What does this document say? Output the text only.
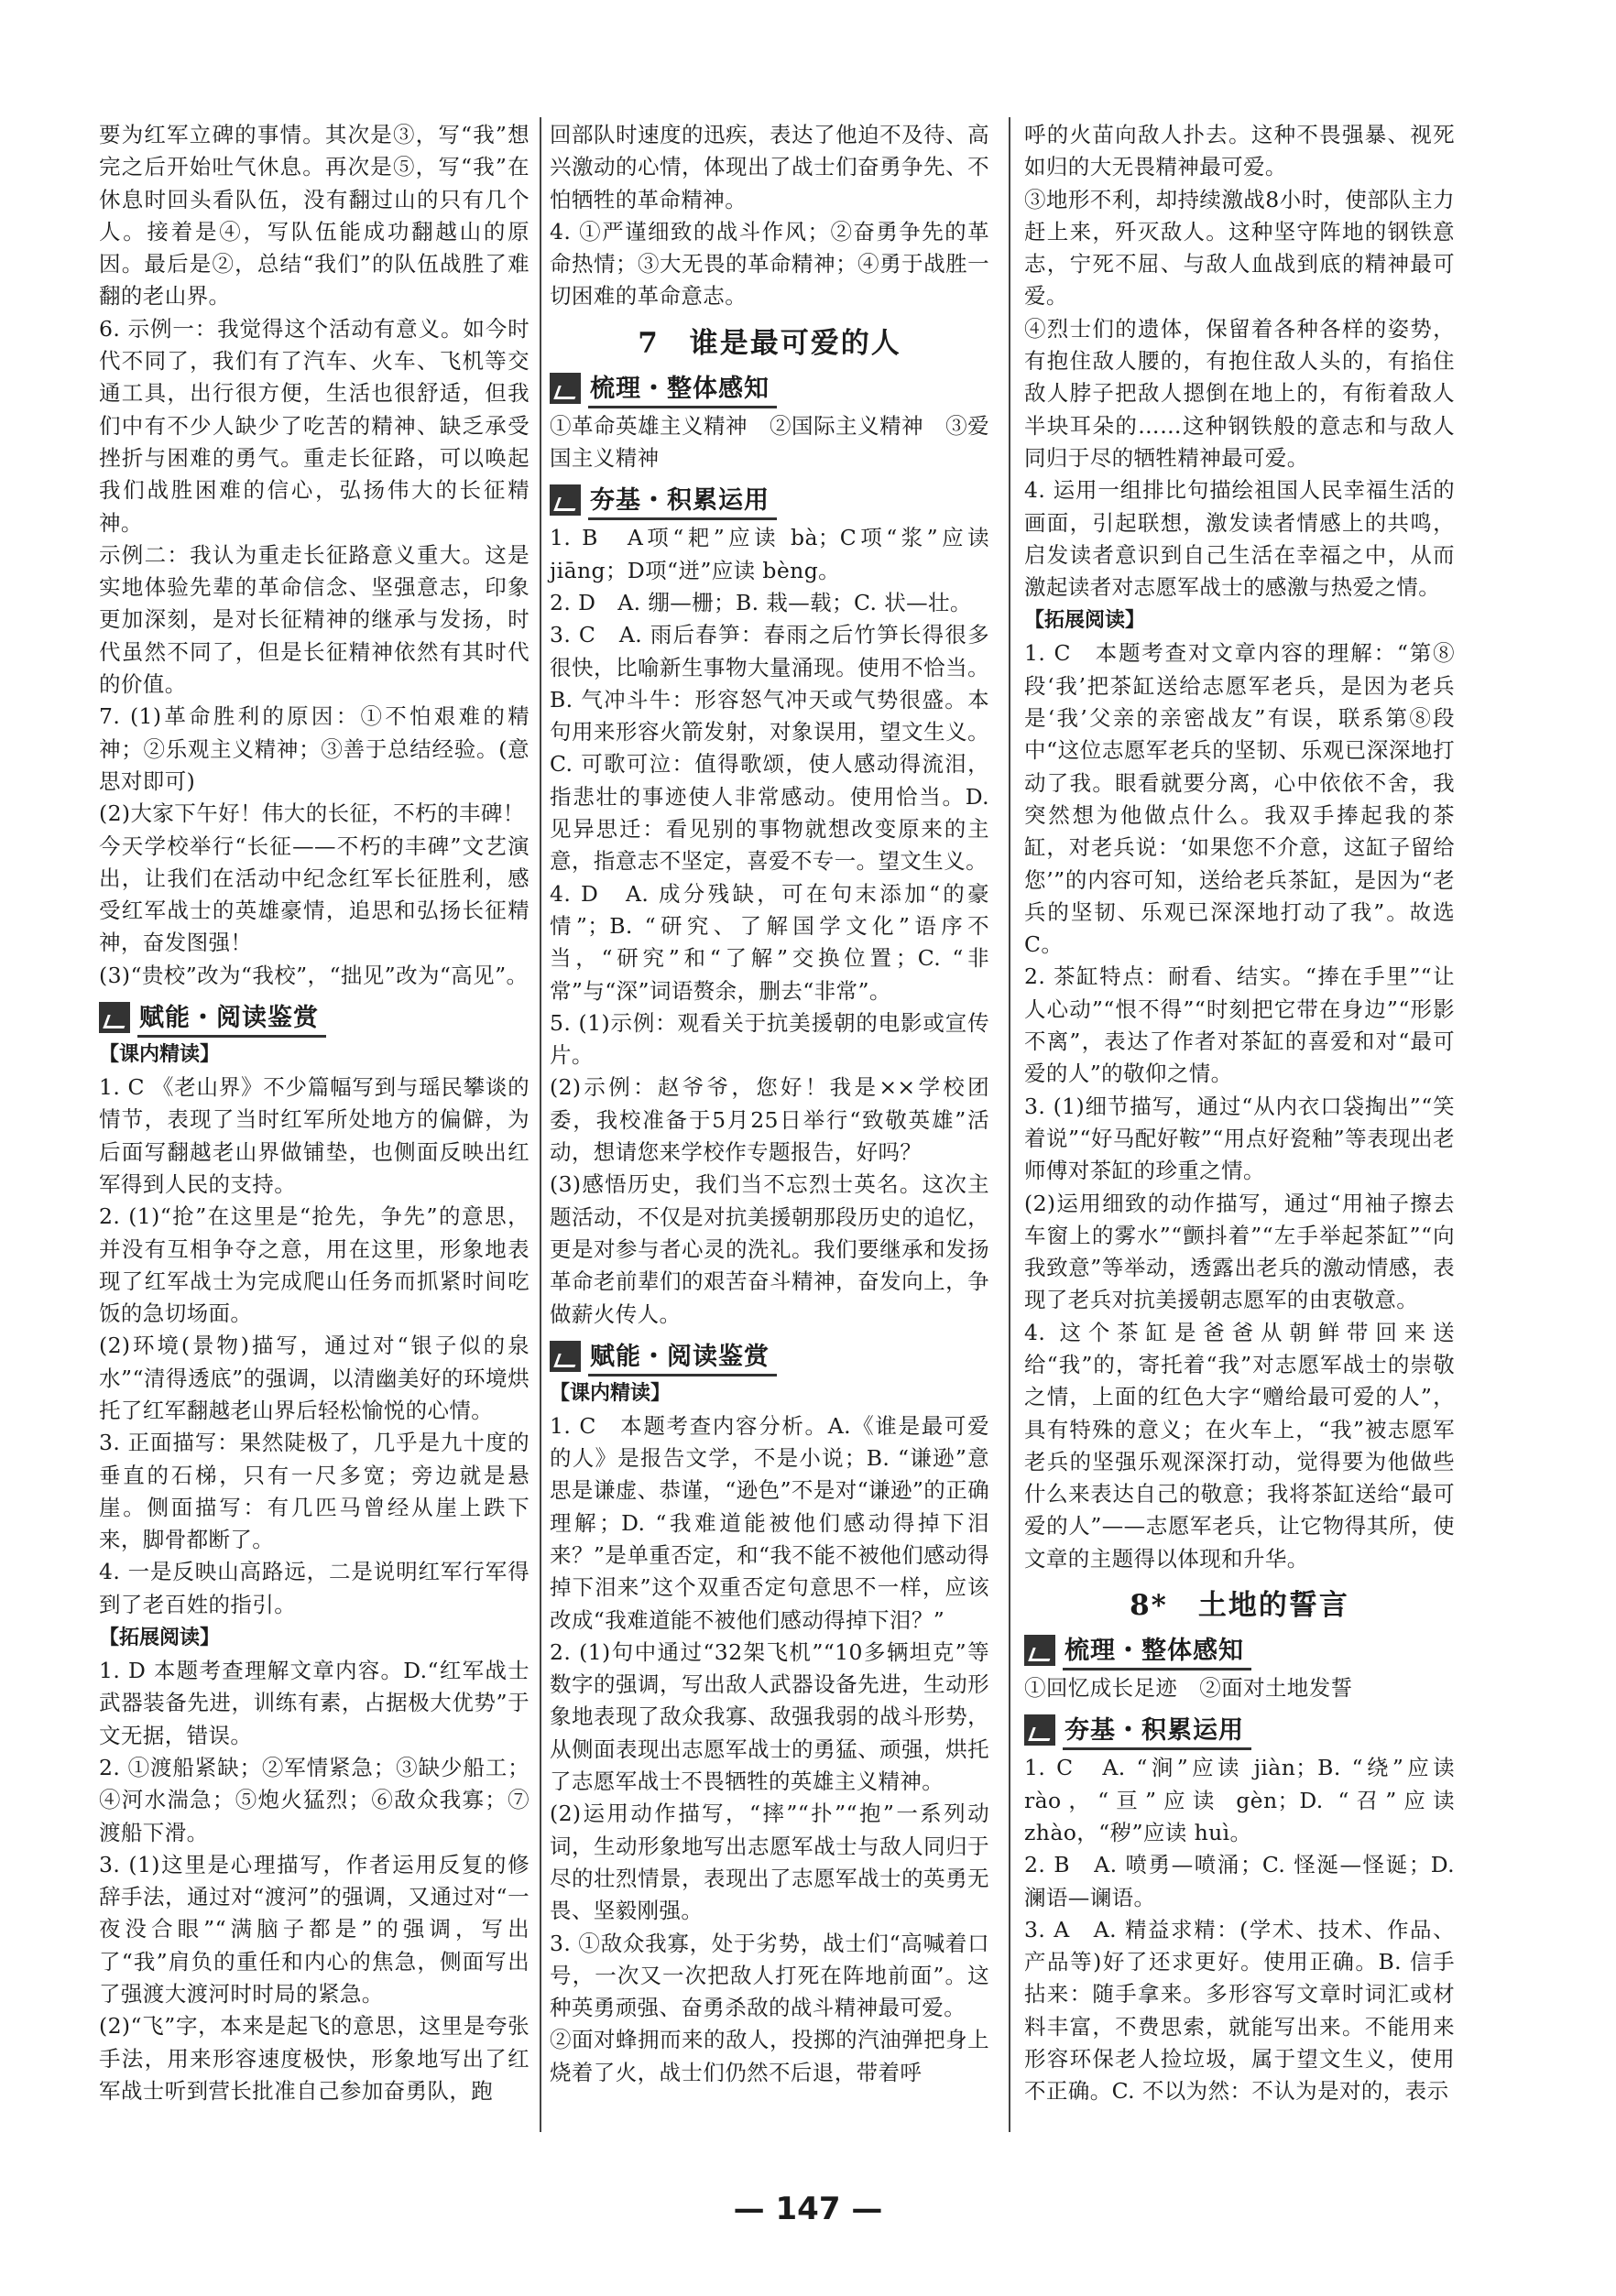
要为红军立碑的事情。其次是③，写“我”想完之后开始吐气休息。再次是⑤，写“我”在休息时回头看队伍，没有翻过山的只有几个人。接着是④，写队伍能成功翻越山的原因。最后是②，总结“我们”的队伍战胜了难翻的老山界。
6. 示例一：我觉得这个活动有意义。如今时代不同了，我们有了汽车、火车、飞机等交通工具，出行很方便，生活也很舒适，但我们中有不少人缺少了吃苦的精神、缺乏承受挫折与困难的勇气。重走长征路，可以唤起我们战胜困难的信心，弘扬伟大的长征精神。
示例二：我认为重走长征路意义重大。这是实地体验先辈的革命信念、坚强意志，印象更加深刻，是对长征精神的继承与发扬，时代虽然不同了，但是长征精神依然有其时代的价值。
7. (1)革命胜利的原因：①不怕艰难的精神；②乐观主义精神；③善于总结经验。(意思对即可)
(2)大家下午好！伟大的长征，不朽的丰碑！
今天学校举行“长征——不朽的丰碑”文艺演出，让我们在活动中纪念红军长征胜利，感受红军战士的英雄豪情，追思和弘扬长征精神，奋发图强！
(3)“贵校”改为“我校”，“拙见”改为“高见”。
赋能・阅读鉴赏
【课内精读】
1. C 《老山界》不少篇幅写到与瑶民攀谈的情节，表现了当时红军所处地方的偏僻，为后面写翻越老山界做铺垫，也侧面反映出红军得到人民的支持。
2. (1)“抢”在这里是“抢先，争先”的意思，并没有互相争夺之意，用在这里，形象地表现了红军战士为完成爬山任务而抓紧时间吃饭的急切场面。
(2)环境(景物)描写，通过对“银子似的泉水”“清得透底”的强调，以清幽美好的环境烘托了红军翻越老山界后轻松愉悦的心情。
3. 正面描写：果然陡极了，几乎是九十度的垂直的石梯，只有一尺多宽；旁边就是悬崖。侧面描写：有几匹马曾经从崖上跌下来，脚骨都断了。
4. 一是反映山高路远，二是说明红军行军得到了老百姓的指引。
【拓展阅读】
1. D 本题考查理解文章内容。D.“红军战士武器装备先进，训练有素，占据极大优势”于文无据，错误。
2. ①渡船紧缺；②军情紧急；③缺少船工；④河水湍急；⑤炮火猛烈；⑥敌众我寡；⑦渡船下滑。
3. (1)这里是心理描写，作者运用反复的修辞手法，通过对“渡河”的强调，又通过对“一夜没合眼”“满脑子都是”的强调，写出了“我”肩负的重任和内心的焦急，侧面写出了强渡大渡河时时局的紧急。
(2)“飞”字，本来是起飞的意思，这里是夸张手法，用来形容速度极快，形象地写出了红军战士听到营长批准自己参加奋勇队，跑
回部队时速度的迅疾，表达了他迫不及待、高兴激动的心情，体现出了战士们奋勇争先、不怕牺牲的革命精神。
4. ①严谨细致的战斗作风；②奋勇争先的革命热情；③大无畏的革命精神；④勇于战胜一切困难的革命意志。
7　谁是最可爱的人
梳理・整体感知
①革命英雄主义精神　②国际主义精神　③爱国主义精神
夯基・积累运用
1. B　A项“耙”应读 bà；C项“浆”应读 jiāng；D项“迸”应读 bèng。
2. D　A. 绷—栅；B. 栽—载；C. 状—壮。
3. C　A. 雨后春笋：春雨之后竹笋长得很多很快，比喻新生事物大量涌现。使用不恰当。B. 气冲斗牛：形容怒气冲天或气势很盛。本句用来形容火箭发射，对象误用，望文生义。C. 可歌可泣：值得歌颂，使人感动得流泪，指悲壮的事迹使人非常感动。使用恰当。D. 见异思迁：看见别的事物就想改变原来的主意，指意志不坚定，喜爱不专一。望文生义。
4. D　A. 成分残缺，可在句末添加“的豪情”；B. “研究、了解国学文化”语序不当，“研究”和“了解”交换位置；C. “非常”与“深”词语赘余，删去“非常”。
5. (1)示例：观看关于抗美援朝的电影或宣传片。
(2)示例：赵爷爷，您好！我是××学校团委，我校准备于5月25日举行“致敬英雄”活动，想请您来学校作专题报告，好吗？
(3)感悟历史，我们当不忘烈士英名。这次主题活动，不仅是对抗美援朝那段历史的追忆，更是对参与者心灵的洗礼。我们要继承和发扬革命老前辈们的艰苦奋斗精神，奋发向上，争做薪火传人。
赋能・阅读鉴赏
【课内精读】
1. C　本题考查内容分析。A.《谁是最可爱的人》是报告文学，不是小说；B. “谦逊”意思是谦虚、恭谨，“逊色”不是对“谦逊”的正确理解；D. “我难道能被他们感动得掉下泪来？”是单重否定，和“我不能不被他们感动得掉下泪来”这个双重否定句意思不一样，应该改成“我难道能不被他们感动得掉下泪？”
2. (1)句中通过“32架飞机”“10多辆坦克”等数字的强调，写出敌人武器设备先进，生动形象地表现了敌众我寡、敌强我弱的战斗形势，从侧面表现出志愿军战士的勇猛、顽强，烘托了志愿军战士不畏牺牲的英雄主义精神。
(2)运用动作描写，“摔”“扑”“抱”一系列动词，生动形象地写出志愿军战士与敌人同归于尽的壮烈情景，表现出了志愿军战士的英勇无畏、坚毅刚强。
3. ①敌众我寡，处于劣势，战士们“高喊着口号，一次又一次把敌人打死在阵地前面”。这种英勇顽强、奋勇杀敌的战斗精神最可爱。
②面对蜂拥而来的敌人，投掷的汽油弹把身上烧着了火，战士们仍然不后退，带着呼
呼的火苗向敌人扑去。这种不畏强暴、视死如归的大无畏精神最可爱。
③地形不利，却持续激战8小时，使部队主力赶上来，歼灭敌人。这种坚守阵地的钢铁意志，宁死不屈、与敌人血战到底的精神最可爱。
④烈士们的遗体，保留着各种各样的姿势，有抱住敌人腰的，有抱住敌人头的，有掐住敌人脖子把敌人摁倒在地上的，有衔着敌人半块耳朵的……这种钢铁般的意志和与敌人同归于尽的牺牲精神最可爱。
4. 运用一组排比句描绘祖国人民幸福生活的画面，引起联想，激发读者情感上的共鸣，启发读者意识到自己生活在幸福之中，从而激起读者对志愿军战士的感激与热爱之情。
【拓展阅读】
1. C　本题考查对文章内容的理解：“第⑧段‘我’把茶缸送给志愿军老兵，是因为老兵是‘我’父亲的亲密战友”有误，联系第⑧段中“这位志愿军老兵的坚韧、乐观已深深地打动了我。眼看就要分离，心中依依不舍，我突然想为他做点什么。我双手捧起我的茶缸，对老兵说：‘如果您不介意，这缸子留给您’”的内容可知，送给老兵茶缸，是因为“老兵的坚韧、乐观已深深地打动了我”。故选C。
2. 茶缸特点：耐看、结实。“捧在手里”“让人心动”“恨不得”“时刻把它带在身边”“形影不离”，表达了作者对茶缸的喜爱和对“最可爱的人”的敬仰之情。
3. (1)细节描写，通过“从内衣口袋掏出”“笑着说”“好马配好鞍”“用点好瓷釉”等表现出老师傅对茶缸的珍重之情。
(2)运用细致的动作描写，通过“用袖子擦去车窗上的雾水”“颤抖着”“左手举起茶缸”“向我致意”等举动，透露出老兵的激动情感，表现了老兵对抗美援朝志愿军的由衷敬意。
4. 这个茶缸是爸爸从朝鲜带回来送给“我”的，寄托着“我”对志愿军战士的崇敬之情，上面的红色大字“赠给最可爱的人”，具有特殊的意义；在火车上，“我”被志愿军老兵的坚强乐观深深打动，觉得要为他做些什么来表达自己的敬意；我将茶缸送给“最可爱的人”——志愿军老兵，让它物得其所，使文章的主题得以体现和升华。
8*　土地的誓言
梳理・整体感知
①回忆成长足迹　②面对土地发誓
夯基・积累运用
1. C　A. “涧”应读 jiàn；B. “绕”应读 rào，“亘”应读 gèn；D. “召”应读 zhào，“秽”应读 huì。
2. B　A. 喷勇—喷涌；C. 怪涎—怪诞；D. 澜语—谰语。
3. A　A. 精益求精：(学术、技术、作品、产品等)好了还求更好。使用正确。B. 信手拈来：随手拿来。多形容写文章时词汇或材料丰富，不费思索，就能写出来。不能用来形容环保老人捡垃圾，属于望文生义，使用不正确。C. 不以为然：不认为是对的，表示
— 147 —
